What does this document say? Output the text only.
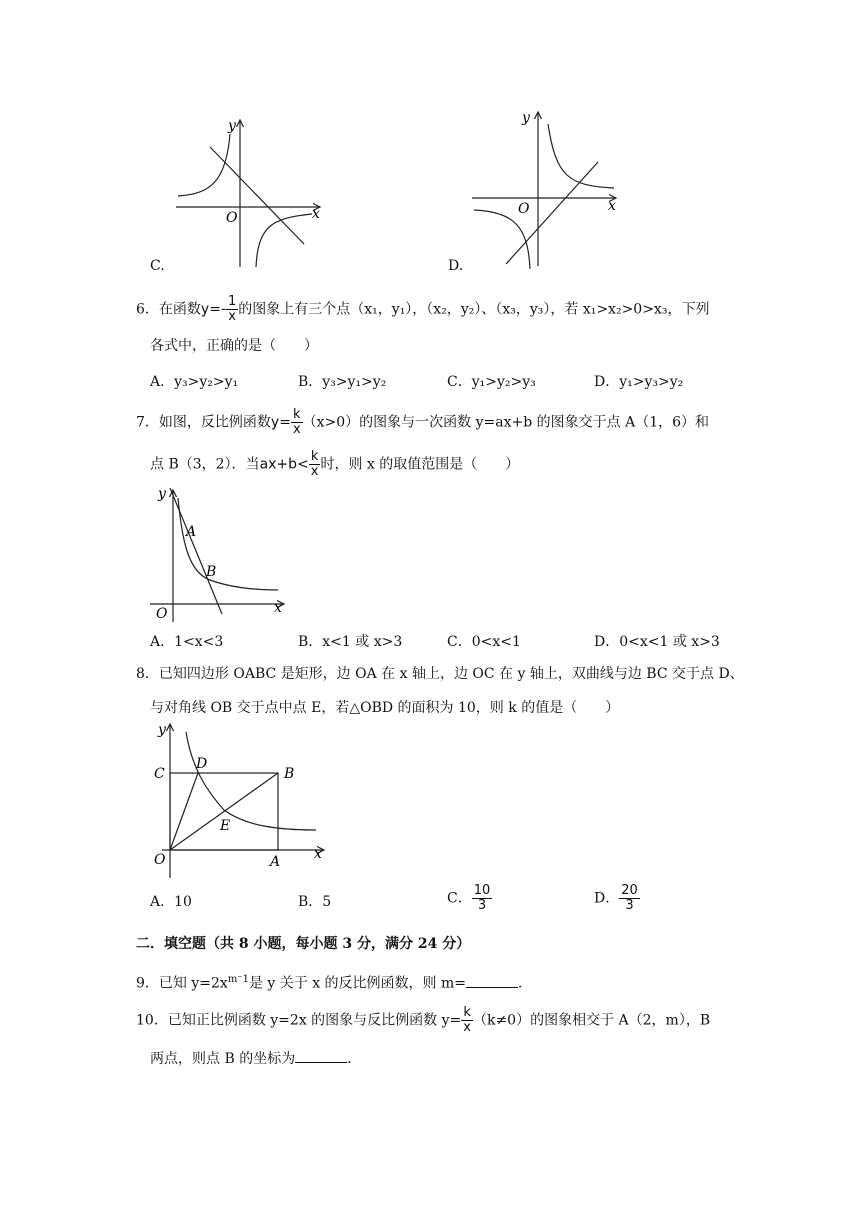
x
y
O
C.
x
y
O
D.
6．在函数$y=- \frac{1}{x}$ 的图象上有三个点（x₁，y₁），（x₂，y₂）、（x₃，y₃），若 x₁>x₂>0>x₃，下列
各式中，正确的是（　　）
A．y₃>y₂>y₁	B．y₃>y₁>y₂	C．y₁>y₂>y₃	D．y₁>y₃>y₂
7．如图，反比例函数$y= \frac{k}{x} (x>0)$的图象与一次函数 y=ax+b 的图象交于点 A（1，6）和
点 B（3，2）．当$ax+b< \frac{k}{x}$ 时，则 x 的取值范围是（　　）
y
A
B
O	x
A．1<x<3	B．x<1 或 x>3	C．0<x<1	D．0<x<1 或 x>3
8．已知四边形 OABC 是矩形，边 OA 在 x 轴上，边 OC 在 y 轴上，双曲线与边 BC 交于点 D、
与对角线 OB 交于点中点 E，若△OBD 的面积为 10，则 k 的值是（　　）
y
C
D
B
E
O	A x
A．10	B．5	C． $\frac{10}{3}$	D． $\frac{20}{3}$
二．填空题（共 8 小题，每小题 3 分，满分 24 分）
9．已知 $y=2x^{m^-1}$是 y 关于 x 的反比例函数，则 m=	．
10．已知正比例函数 y=2x 的图象与反比例函数 $y= \frac{k}{x} (k\ne 0)$的图象相交于 A（2，m），B
两点，则点 B 的坐标为	．
